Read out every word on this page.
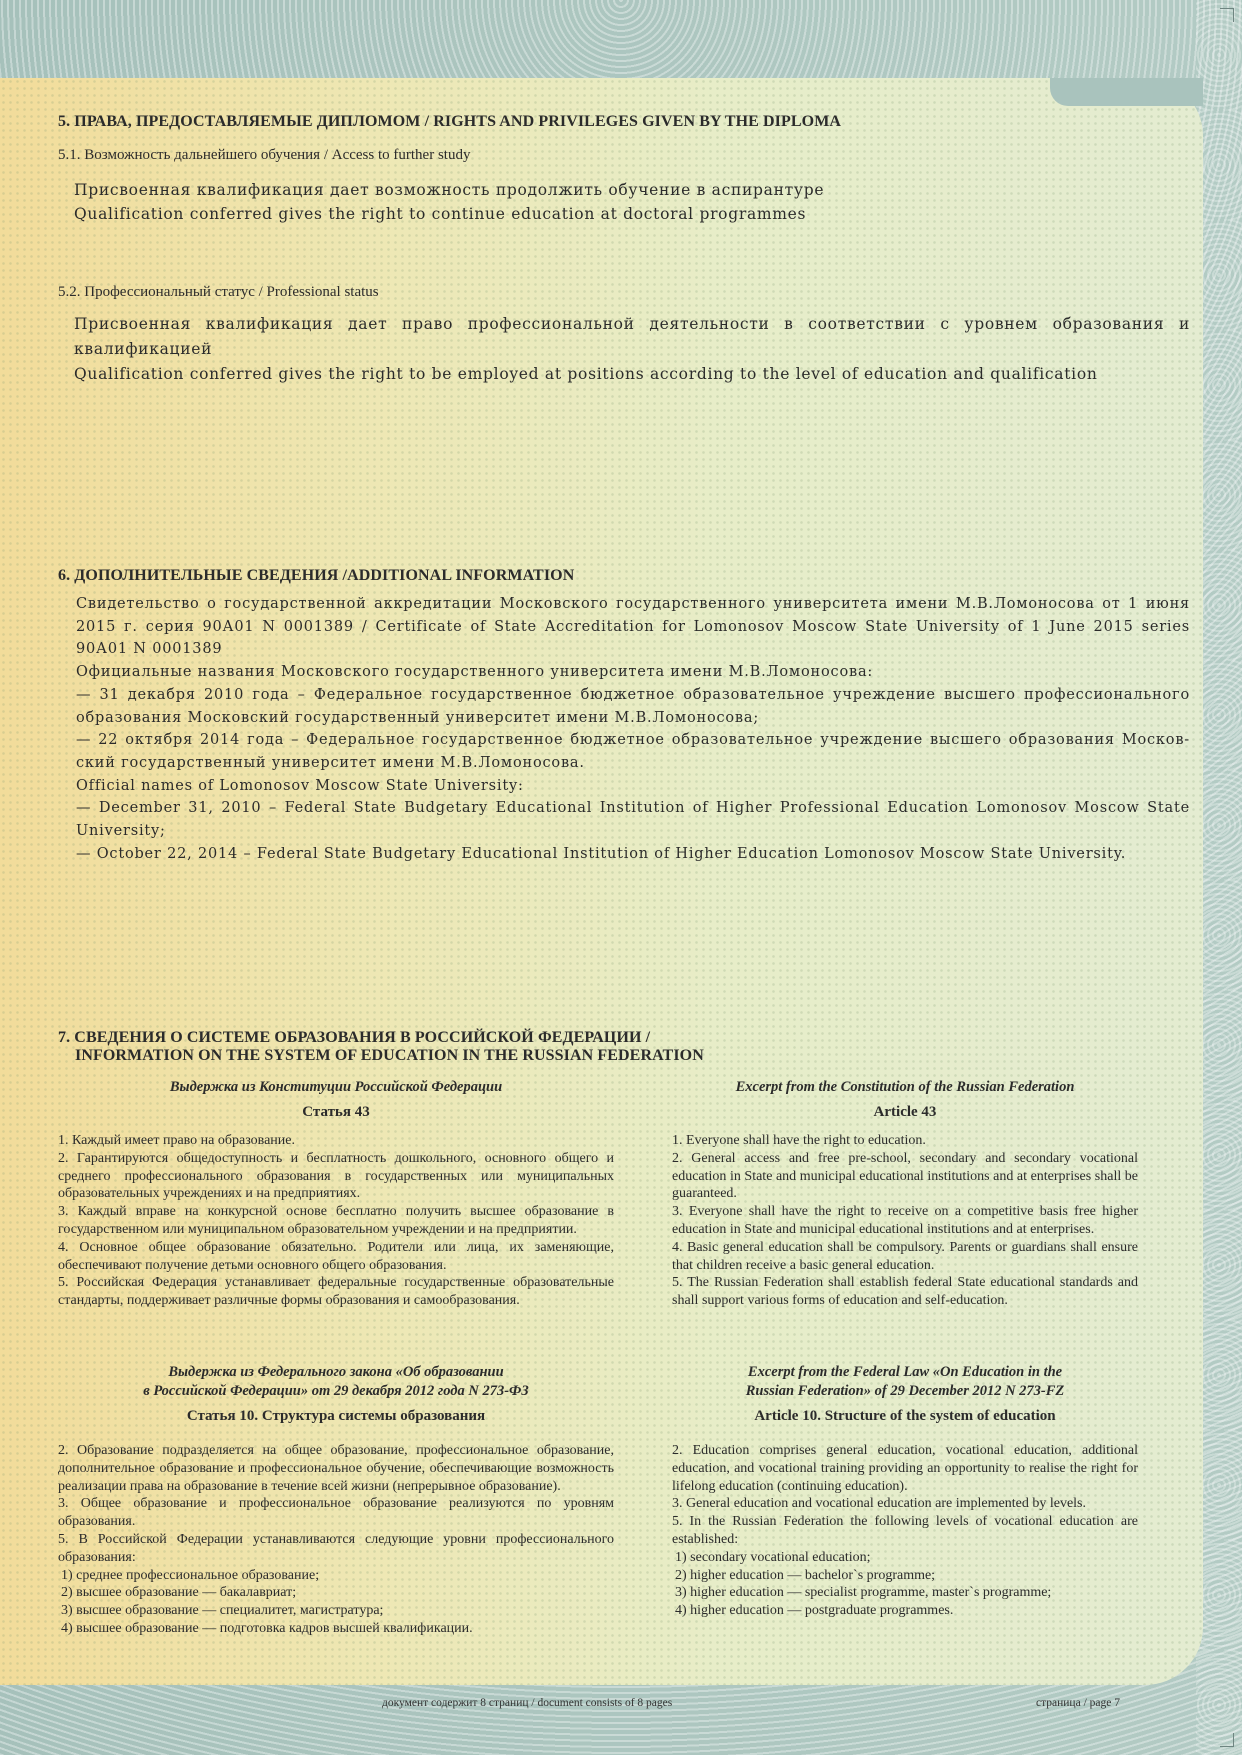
5. ПРАВА, ПРЕДОСТАВЛЯЕМЫЕ ДИПЛОМОМ / RIGHTS AND PRIVILEGES GIVEN BY THE DIPLOMA
5.1. Возможность дальнейшего обучения / Access to further study
Присвоенная квалификация дает возможность продолжить обучение в аспирантуре
Qualification conferred gives the right to continue education at doctoral programmes
5.2. Профессиональный статус / Professional status
Присвоенная квалификация дает право профессиональной деятельности в соответствии с уровнем образования и квалификацией
Qualification conferred gives the right to be employed at positions according to the level of education and qualification
6. ДОПОЛНИТЕЛЬНЫЕ СВЕДЕНИЯ /ADDITIONAL INFORMATION

Свидетельство о государственной аккредитации Московского государственного университета имени М.В.Ломоносова от 1 июня 2015 г. серия 90А01 N 0001389 / Certificate of State Accreditation for Lomonosov Moscow State University of 1 June 2015 series 90А01 N 0001389

Официальные названия Московского государственного университета имени М.В.Ломоносова:

— 31 декабря 2010 года – Федеральное государственное бюджетное образовательное учреждение высшего профессионального образования Московский государственный университет имени М.В.Ломоносова;

— 22 октября 2014 года – Федеральное государственное бюджетное образовательное учреждение высшего образования Москов-ский государственный университет имени М.В.Ломоносова.

Official names of Lomonosov Moscow State University:

— December 31, 2010 – Federal State Budgetary Educational Institution of Higher Professional Education Lomonosov Moscow State University;

— October 22, 2014 – Federal State Budgetary Educational Institution of Higher Education Lomonosov Moscow State University.

7. СВЕДЕНИЯ О СИСТЕМЕ ОБРАЗОВАНИЯ В РОССИЙСКОЙ ФЕДЕРАЦИИ /
INFORMATION ON THE SYSTEM OF EDUCATION IN THE RUSSIAN FEDERATION
Выдержка из Конституции Российской Федерации
Статья 43

1. Каждый имеет право на образование.

2. Гарантируются общедоступность и бесплатность дошкольного, основного общего и среднего профессионального образования в государственных или муниципальных образовательных учреждениях и на предприятиях.

3. Каждый вправе на конкурсной основе бесплатно получить высшее образование в государственном или муниципальном образовательном учреждении и на предприятии.

4. Основное общее образование обязательно. Родители или лица, их заменяющие, обеспечивают получение детьми основного общего образования.

5. Российская Федерация устанавливает федеральные государственные образовательные стандарты, поддерживает различные формы образования и самообразования.

Выдержка из Федерального закона «Об образовании
в Российской Федерации» от 29 декабря 2012 года N 273-ФЗ
Статья 10. Структура системы образования

2. Образование подразделяется на общее образование, профессиональное образование, дополнительное образование и профессиональное обучение, обеспечивающие возможность реализации права на образование в течение всей жизни (непрерывное образование).

3. Общее образование и профессиональное образование реализуются по уровням образования.

5. В Российской Федерации устанавливаются следующие уровни профессионального образования:

1) среднее профессиональное образование;

2) высшее образование — бакалавриат;

3) высшее образование — специалитет, магистратура;

4) высшее образование — подготовка кадров высшей квалификации.

Excerpt from the Constitution of the Russian Federation
Article 43

1. Everyone shall have the right to education.

2. General access and free pre-school, secondary and secondary vocational education in State and municipal educational institutions and at enterprises shall be guaranteed.

3. Everyone shall have the right to receive on a competitive basis free higher education in State and municipal educational institutions and at enterprises.

4. Basic general education shall be compulsory. Parents or guardians shall ensure that children receive a basic general education.

5. The Russian Federation shall establish federal State educational standards and shall support various forms of education and self-education.

Excerpt from the Federal Law «On Education in the
Russian Federation» of 29 December 2012 N 273-FZ
Article 10. Structure of the system of education

2. Education comprises general education, vocational education, additional education, and vocational training providing an opportunity to realise the right for lifelong education (continuing education).

3. General education and vocational education are implemented by levels.

5. In the Russian Federation the following levels of vocational education are established:

1) secondary vocational education;

2) higher education — bachelor`s programme;

3) higher education — specialist programme, master`s programme;

4) higher education — postgraduate programmes.

документ содержит 8 страниц / document consists of 8 pages	страница / page 7
